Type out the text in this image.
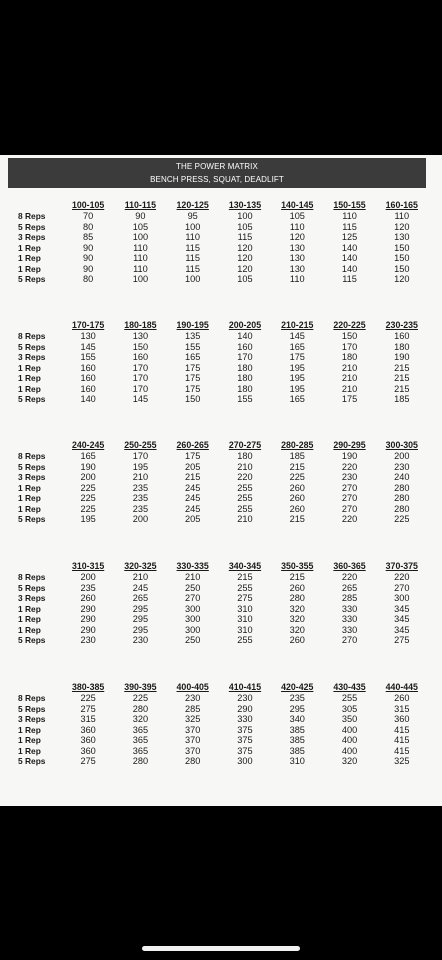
THE POWER MATRIX
BENCH PRESS, SQUAT, DEADLIFT
100-105	110-115	120-125	130-135	140-145	150-155	160-165
8 Reps	70	90	95	100	105	110	110
5 Reps	80	105	100	105	110	115	120
3 Reps	85	100	110	115	120	125	130
1 Rep	90	110	115	120	130	140	150
1 Rep	90	110	115	120	130	140	150
1 Rep	90	110	115	120	130	140	150
5 Reps	80	100	100	105	110	115	120
170-175	180-185	190-195	200-205	210-215	220-225	230-235
8 Reps	130	130	135	140	145	150	160
5 Reps	145	150	155	160	165	170	180
3 Reps	155	160	165	170	175	180	190
1 Rep	160	170	175	180	195	210	215
1 Rep	160	170	175	180	195	210	215
1 Rep	160	170	175	180	195	210	215
5 Reps	140	145	150	155	165	175	185
240-245	250-255	260-265	270-275	280-285	290-295	300-305
8 Reps	165	170	175	180	185	190	200
5 Reps	190	195	205	210	215	220	230
3 Reps	200	210	215	220	225	230	240
1 Rep	225	235	245	255	260	270	280
1 Rep	225	235	245	255	260	270	280
1 Rep	225	235	245	255	260	270	280
5 Reps	195	200	205	210	215	220	225
310-315	320-325	330-335	340-345	350-355	360-365	370-375
8 Reps	200	210	210	215	215	220	220
5 Reps	235	245	250	255	260	265	270
3 Reps	260	265	270	275	280	285	300
1 Rep	290	295	300	310	320	330	345
1 Rep	290	295	300	310	320	330	345
1 Rep	290	295	300	310	320	330	345
5 Reps	230	230	250	255	260	270	275
380-385	390-395	400-405	410-415	420-425	430-435	440-445
8 Reps	225	225	230	230	235	255	260
5 Reps	275	280	285	290	295	305	315
3 Reps	315	320	325	330	340	350	360
1 Rep	360	365	370	375	385	400	415
1 Rep	360	365	370	375	385	400	415
1 Rep	360	365	370	375	385	400	415
5 Reps	275	280	280	300	310	320	325
